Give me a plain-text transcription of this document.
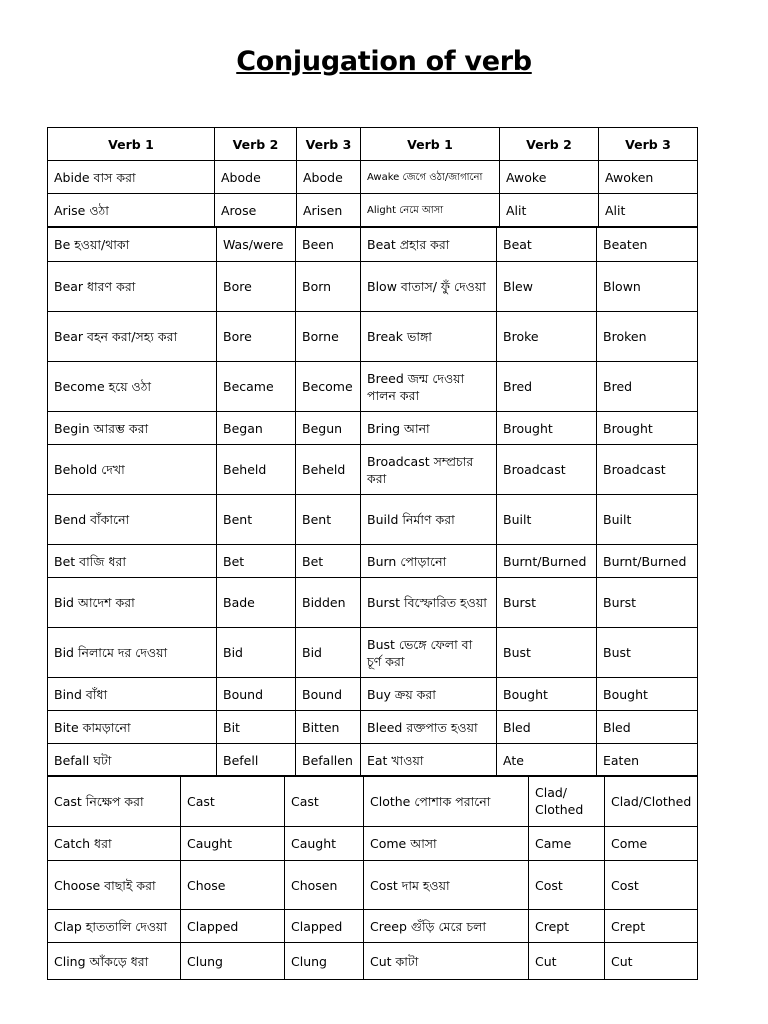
Conjugation of verb
Verb 1	Verb 2	Verb 3	Verb 1	Verb 2	Verb 3
Abide বাস করা	Abode	Abode	Awake জেগে ওঠা/জাগানো	Awoke	Awoken
Arise ওঠা	Arose	Arisen	Alight নেমে আসা	Alit	Alit
Be হওয়া/থাকা	Was/were	Been	Beat প্রহার করা	Beat	Beaten
Bear ধারণ করা	Bore	Born	Blow বাতাস/ ফুঁ দেওয়া	Blew	Blown
Bear বহন করা/সহ্য করা	Bore	Borne	Break ভাঙ্গা	Broke	Broken
Become হয়ে ওঠা	Became	Become	Breed জন্ম দেওয়া পালন করা	Bred	Bred
Begin আরম্ভ করা	Began	Begun	Bring আনা	Brought	Brought
Behold দেখা	Beheld	Beheld	Broadcast সম্প্রচার করা	Broadcast	Broadcast
Bend বাঁকানো	Bent	Bent	Build নির্মাণ করা	Built	Built
Bet বাজি ধরা	Bet	Bet	Burn পোড়ানো	Burnt/Burned	Burnt/Burned
Bid আদেশ করা	Bade	Bidden	Burst বিস্ফোরিত হওয়া	Burst	Burst
Bid নিলামে দর দেওয়া	Bid	Bid	Bust ভেঙ্গে ফেলা বা চূর্ণ করা	Bust	Bust
Bind বাঁধা	Bound	Bound	Buy ক্রয় করা	Bought	Bought
Bite কামড়ানো	Bit	Bitten	Bleed রক্তপাত হওয়া	Bled	Bled
Befall ঘটা	Befell	Befallen	Eat খাওয়া	Ate	Eaten
Cast নিক্ষেপ করা	Cast	Cast	Clothe পোশাক পরানো	Clad/ Clothed	Clad/Clothed
Catch ধরা	Caught	Caught	Come আসা	Came	Come
Choose বাছাই করা	Chose	Chosen	Cost দাম হওয়া	Cost	Cost
Clap হাততালি দেওয়া	Clapped	Clapped	Creep গুঁড়ি মেরে চলা	Crept	Crept
Cling আঁকড়ে ধরা	Clung	Clung	Cut কাটা	Cut	Cut
